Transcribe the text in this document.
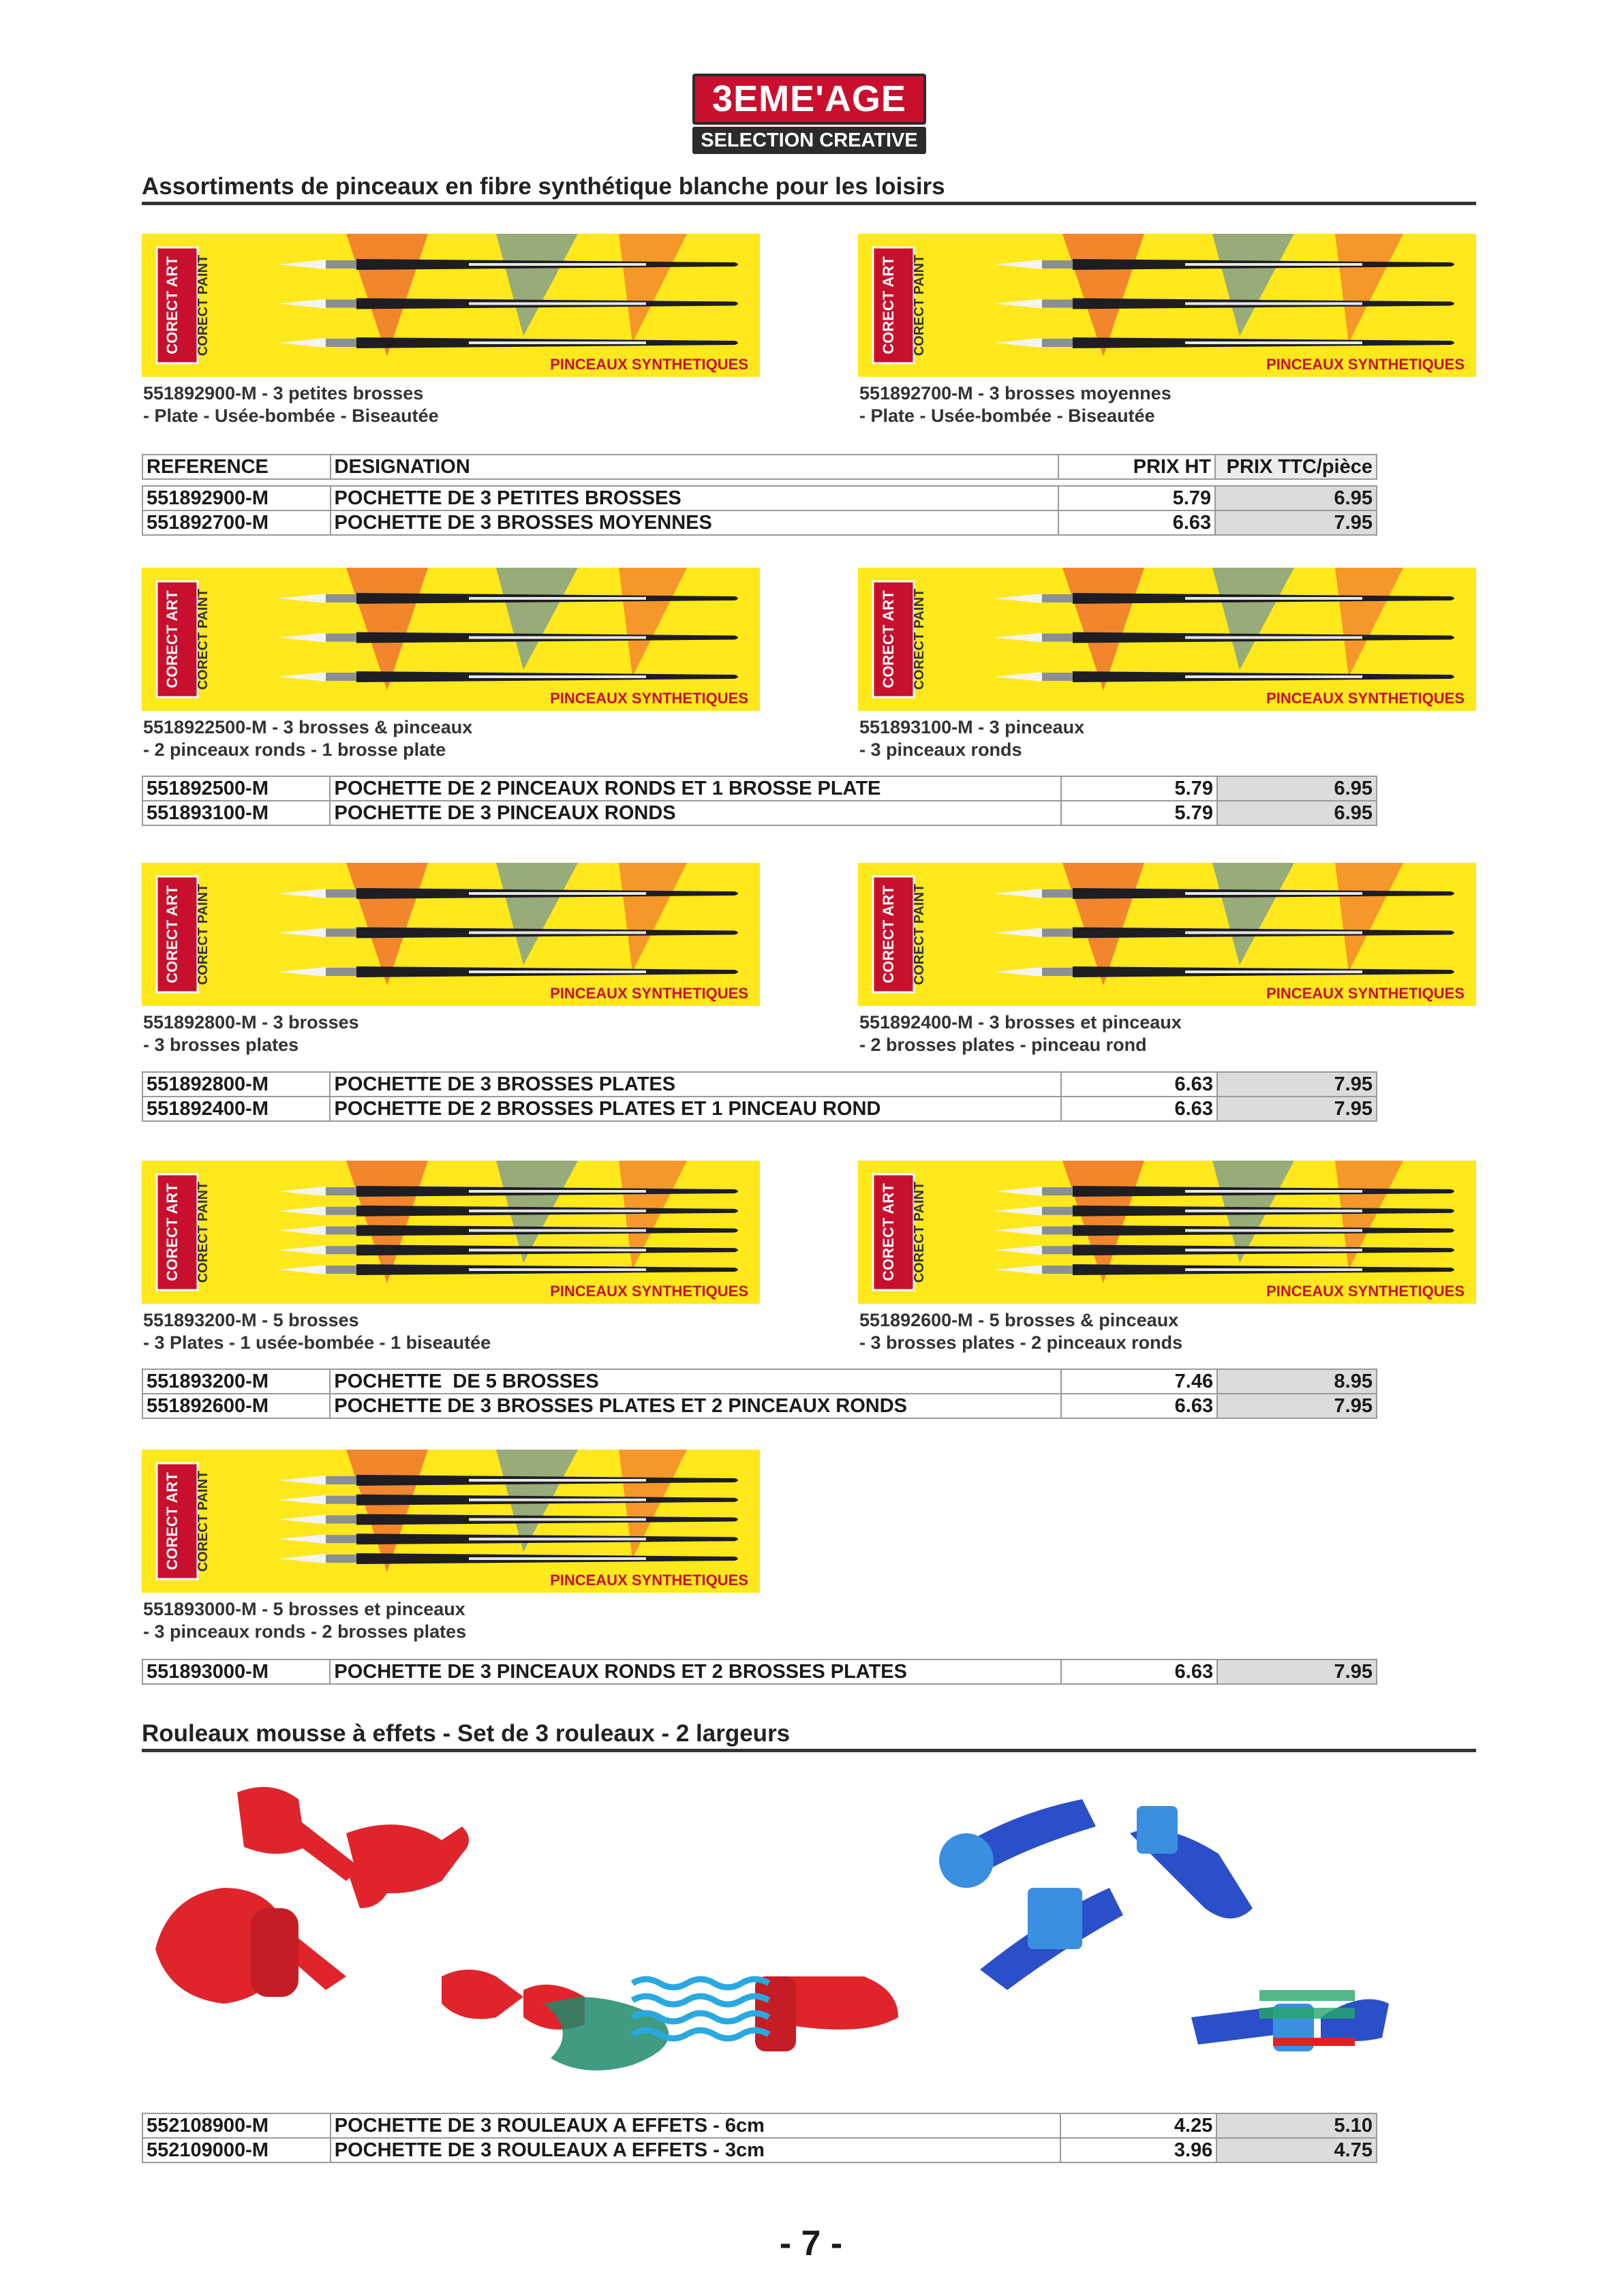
3EME'AGE
SELECTION CREATIVE
Assortiments de pinceaux en fibre synthétique blanche pour les loisirs
CORECT ART CORECT PAINT
PINCEAUX SYNTHETIQUES
CORECT ART CORECT PAINT
PINCEAUX SYNTHETIQUES
551892900-M - 3 petites brosses
- Plate - Usée-bombée - Biseautée
551892700-M - 3 brosses moyennes
- Plate - Usée-bombée - Biseautée
REFERENCE	DESIGNATION	PRIX HT	PRIX TTC/pièce

551892900-M	POCHETTE DE 3 PETITES BROSSES	5.79	6.95
551892700-M	POCHETTE DE 3 BROSSES MOYENNES	6.63	7.95
CORECT ART CORECT PAINT
PINCEAUX SYNTHETIQUES
CORECT ART CORECT PAINT
PINCEAUX SYNTHETIQUES
5518922500-M - 3 brosses & pinceaux
- 2 pinceaux ronds - 1 brosse plate
551893100-M - 3 pinceaux
- 3 pinceaux ronds
551892500-M	POCHETTE DE 2 PINCEAUX RONDS ET 1 BROSSE PLATE	5.79	6.95
551893100-M	POCHETTE DE 3 PINCEAUX RONDS	5.79	6.95
CORECT ART CORECT PAINT
PINCEAUX SYNTHETIQUES
CORECT ART CORECT PAINT
PINCEAUX SYNTHETIQUES
551892800-M - 3 brosses
- 3 brosses plates
551892400-M - 3 brosses et pinceaux
- 2 brosses plates - pinceau rond
551892800-M	POCHETTE DE 3 BROSSES PLATES	6.63	7.95
551892400-M	POCHETTE DE 2 BROSSES PLATES ET 1 PINCEAU ROND	6.63	7.95
CORECT ART CORECT PAINT
PINCEAUX SYNTHETIQUES
CORECT ART CORECT PAINT
PINCEAUX SYNTHETIQUES
551893200-M - 5 brosses
- 3 Plates - 1 usée-bombée - 1 biseautée
551892600-M - 5 brosses & pinceaux
- 3 brosses plates - 2 pinceaux ronds
551893200-M	POCHETTE  DE 5 BROSSES	7.46	8.95
551892600-M	POCHETTE DE 3 BROSSES PLATES ET 2 PINCEAUX RONDS	6.63	7.95
CORECT ART CORECT PAINT
PINCEAUX SYNTHETIQUES
551893000-M - 5 brosses et pinceaux
- 3 pinceaux ronds - 2 brosses plates
551893000-M	POCHETTE DE 3 PINCEAUX RONDS ET 2 BROSSES PLATES	6.63	7.95
Rouleaux mousse à effets - Set de 3 rouleaux - 2 largeurs
552108900-M	POCHETTE DE 3 ROULEAUX A EFFETS - 6cm	4.25	5.10
552109000-M	POCHETTE DE 3 ROULEAUX A EFFETS - 3cm	3.96	4.75
- 7 -
